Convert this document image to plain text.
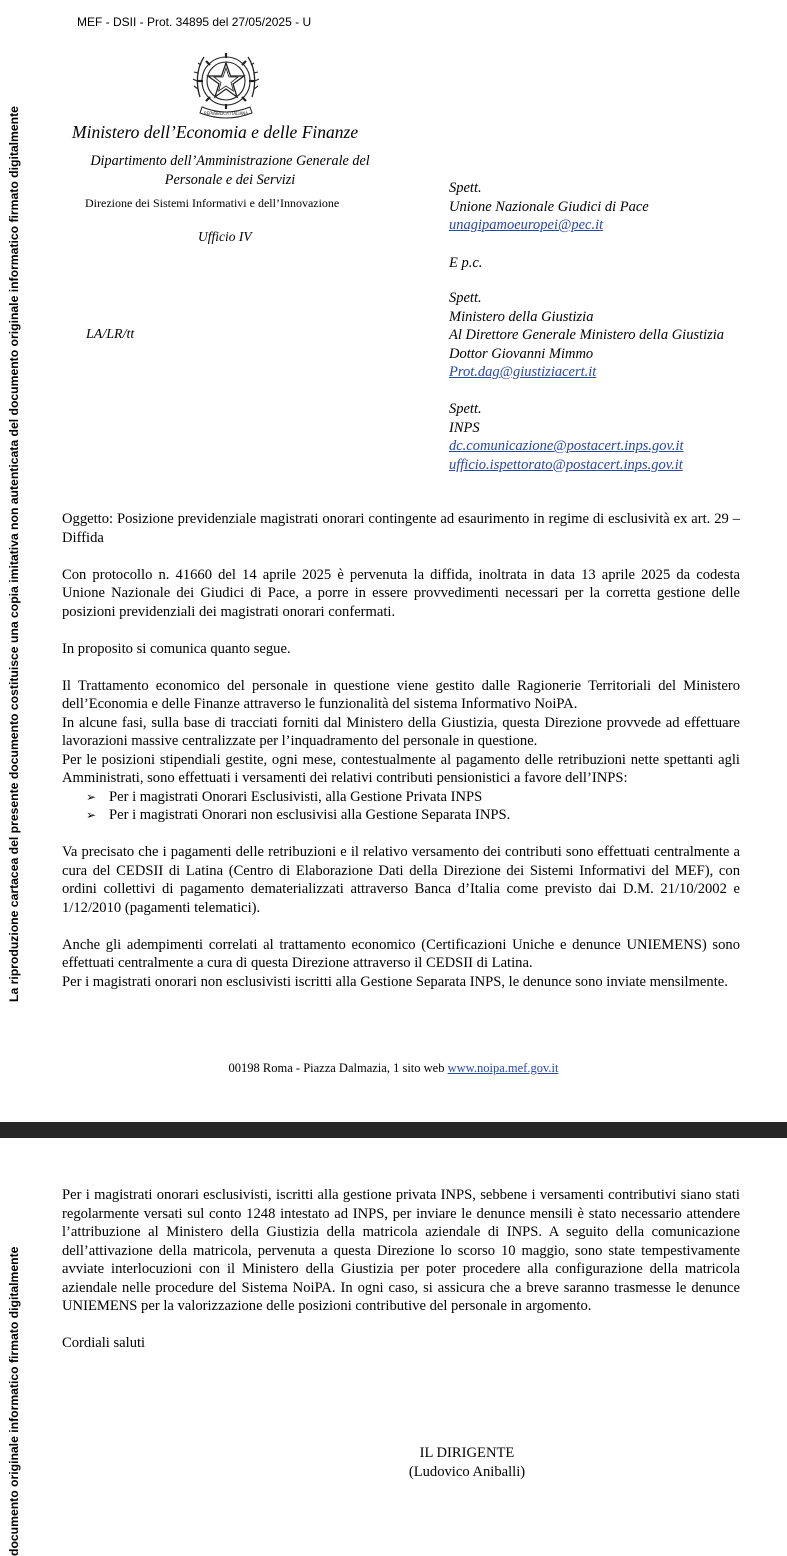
MEF - DSII - Prot. 34895 del 27/05/2025 - U
La riproduzione cartacea del presente documento costituisce una copia imitativa non autenticata del documento originale informatico firmato digitalmente	REPVBBLICA ITALIANA
Ministero dell’Economia e delle Finanze
Dipartimento dell’Amministrazione Generale del Personale e dei Servizi
Direzione dei Sistemi Informativi e dell’Innovazione
Ufficio IV
LA/LR/tt
Spett.
Unione Nazionale Giudici di Pace
unagipamoeuropei@pec.it
E p.c.
Spett.
Ministero della Giustizia
Al Direttore Generale Ministero della Giustizia
Dottor Giovanni Mimmo
Prot.dag@giustiziacert.it
Spett.
INPS
dc.comunicazione@postacert.inps.gov.it
ufficio.ispettorato@postacert.inps.gov.it

Oggetto: Posizione previdenziale magistrati onorari contingente ad esaurimento in regime di esclusività ex art. 29 – Diffida

Con protocollo n. 41660 del 14 aprile 2025 è pervenuta la diffida, inoltrata in data 13 aprile 2025 da codesta Unione Nazionale dei Giudici di Pace, a porre in essere provvedimenti necessari per la corretta gestione delle posizioni previdenziali dei magistrati onorari confermati.

In proposito si comunica quanto segue.

Il Trattamento economico del personale in questione viene gestito dalle Ragionerie Territoriali del Ministero dell’Economia e delle Finanze attraverso le funzionalità del sistema Informativo NoiPA.

In alcune fasi, sulla base di tracciati forniti dal Ministero della Giustizia, questa Direzione provvede ad effettuare lavorazioni massive centralizzate per l’inquadramento del personale in questione.

Per le posizioni stipendiali gestite, ogni mese, contestualmente al pagamento delle retribuzioni nette spettanti agli Amministrati, sono effettuati i versamenti dei relativi contributi pensionistici a favore dell’INPS:

➢ Per i magistrati Onorari Esclusivisti, alla Gestione Privata INPS
➢ Per i magistrati Onorari non esclusivisi alla Gestione Separata INPS.

Va precisato che i pagamenti delle retribuzioni e il relativo versamento dei contributi sono effettuati centralmente a cura del CEDSII di Latina (Centro di Elaborazione Dati della Direzione dei Sistemi Informativi del MEF), con ordini collettivi di pagamento dematerializzati attraverso Banca d’Italia come previsto dai D.M. 21/10/2002 e 1/12/2010 (pagamenti telematici).

Anche gli adempimenti correlati al trattamento economico (Certificazioni Uniche e denunce UNIEMENS) sono effettuati centralmente a cura di questa Direzione attraverso il CEDSII di Latina.

Per i magistrati onorari non esclusivisti iscritti alla Gestione Separata INPS, le denunce sono inviate mensilmente.

00198 Roma - Piazza Dalmazia, 1 sito web www.noipa.mef.gov.it
documento originale informatico firmato digitalmente

Per i magistrati onorari esclusivisti, iscritti alla gestione privata INPS, sebbene i versamenti contributivi siano stati regolarmente versati sul conto 1248 intestato ad INPS, per inviare le denunce mensili è stato necessario attendere l’attribuzione al Ministero della Giustizia della matricola aziendale di INPS. A seguito della comunicazione dell’attivazione della matricola, pervenuta a questa Direzione lo scorso 10 maggio, sono state tempestivamente avviate interlocuzioni con il Ministero della Giustizia per poter procedere alla configurazione della matricola aziendale nelle procedure del Sistema NoiPA. In ogni caso, si assicura che a breve saranno trasmesse le denunce UNIEMENS per la valorizzazione delle posizioni contributive del personale in argomento.

Cordiali saluti

IL DIRIGENTE
(Ludovico Aniballi)
